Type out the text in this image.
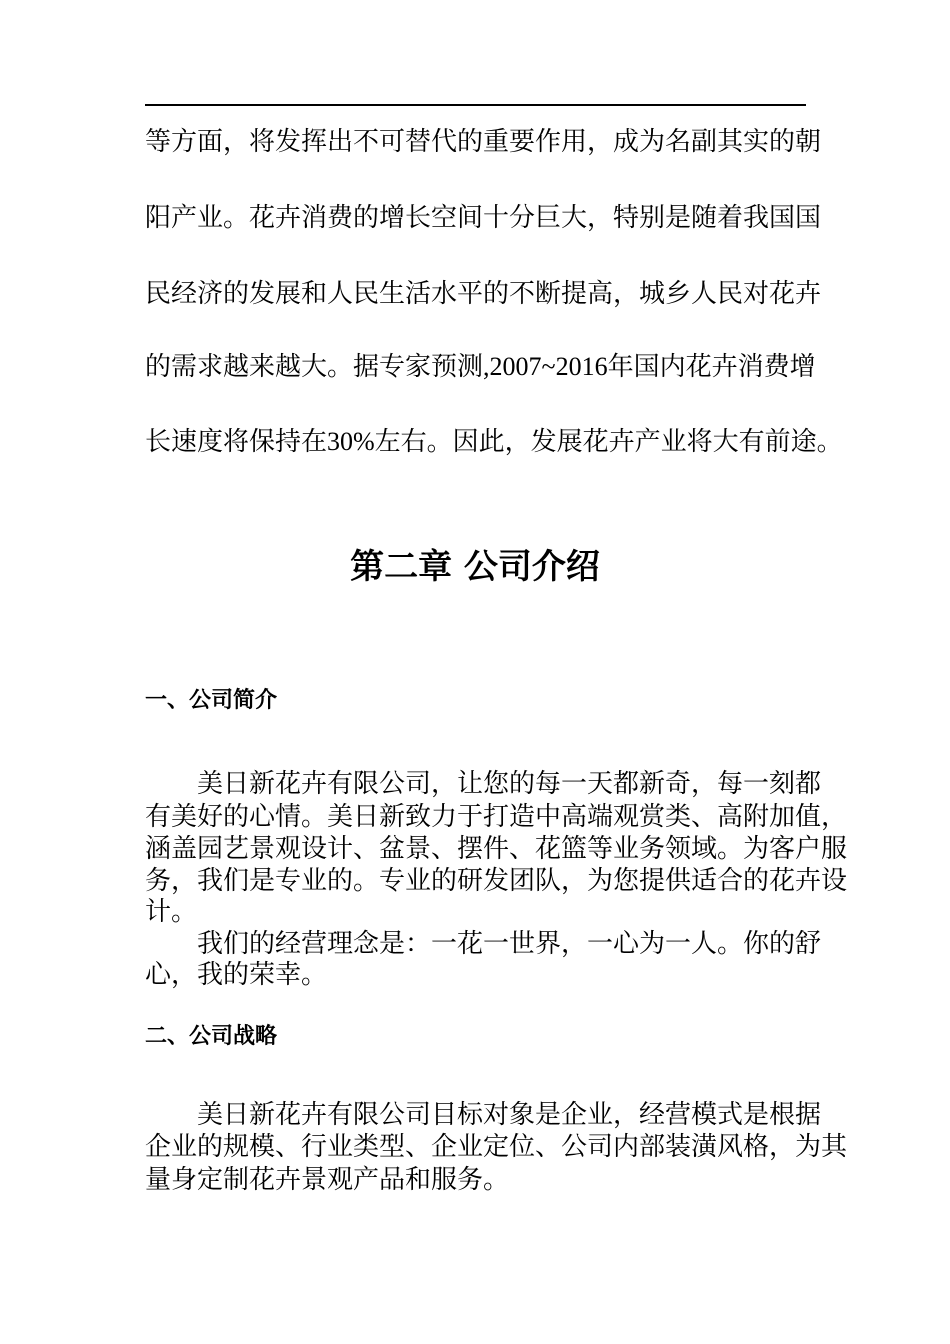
等方面，将发挥出不可替代的重要作用，成为名副其实的朝
阳产业。花卉消费的增长空间十分巨大，特别是随着我国国
民经济的发展和人民生活水平的不断提高，城乡人民对花卉
的需求越来越大。据专家预测,2007~2016年国内花卉消费增
长速度将保持在30%左右。因此，发展花卉产业将大有前途。
第二章 公司介绍
一、公司简介
美日新花卉有限公司，让您的每一天都新奇，每一刻都
有美好的心情。美日新致力于打造中高端观赏类、高附加值，
涵盖园艺景观设计、盆景、摆件、花篮等业务领域。为客户服
务，我们是专业的。专业的研发团队，为您提供适合的花卉设
计。
我们的经营理念是：一花一世界，一心为一人。你的舒
心，我的荣幸。
二、公司战略
美日新花卉有限公司目标对象是企业，经营模式是根据
企业的规模、行业类型、企业定位、公司内部装潢风格，为其
量身定制花卉景观产品和服务。
